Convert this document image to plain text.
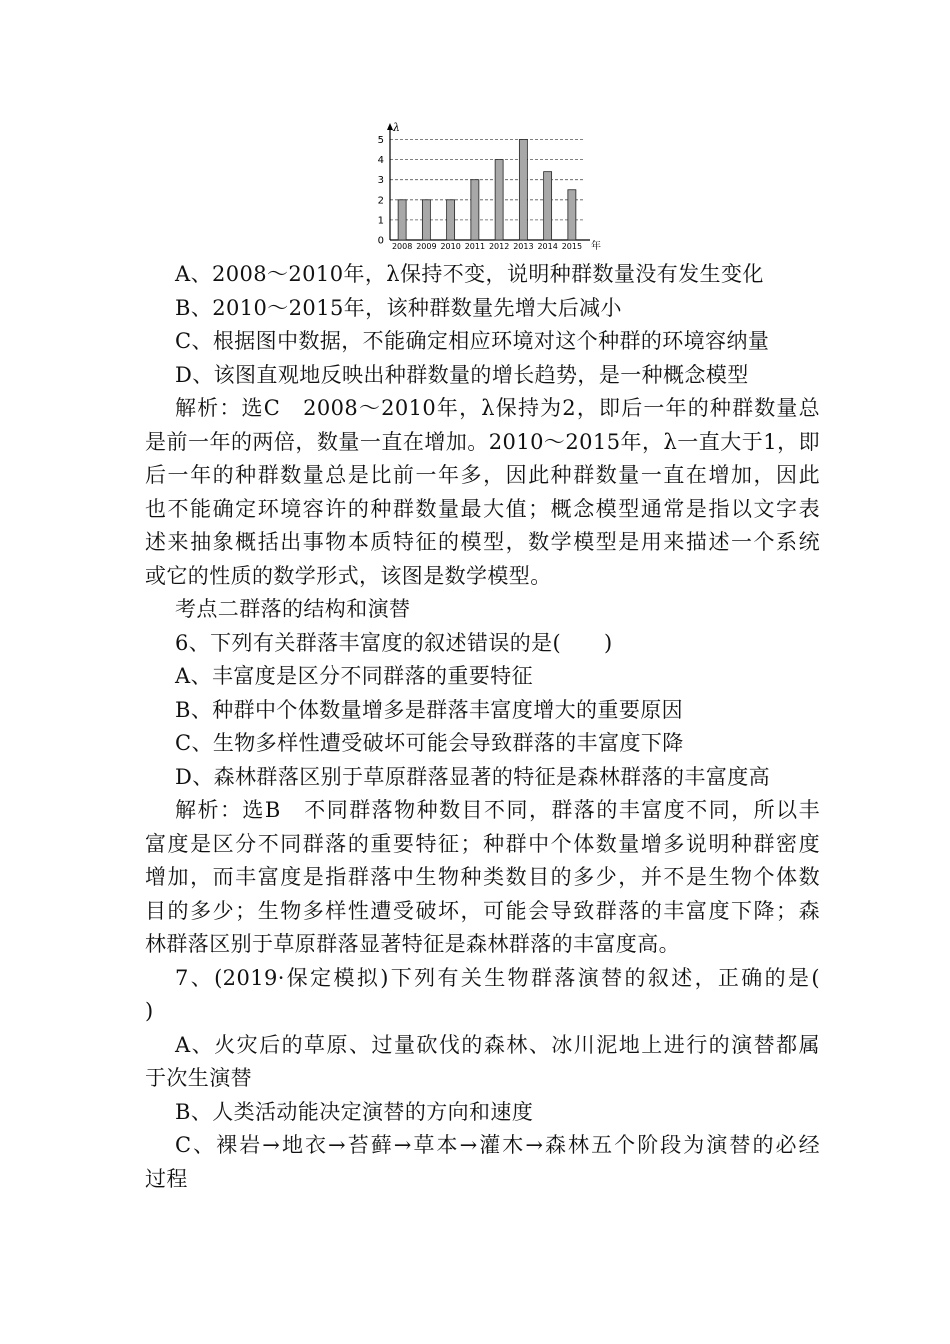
λ
年
0
1
2
3
4
5
2008 2009 2010 2011 2012 2013 2014 2015
A、2008～2010年，λ保持不变，说明种群数量没有发生变化
B、2010～2015年，该种群数量先增大后减小
C、根据图中数据，不能确定相应环境对这个种群的环境容纳量
D、该图直观地反映出种群数量的增长趋势，是一种概念模型
解析：选C　2008～2010年，λ保持为2，即后一年的种群数量总
是前一年的两倍，数量一直在增加。2010～2015年，λ一直大于1，即
后一年的种群数量总是比前一年多，因此种群数量一直在增加，因此
也不能确定环境容许的种群数量最大值；概念模型通常是指以文字表
述来抽象概括出事物本质特征的模型，数学模型是用来描述一个系统
或它的性质的数学形式，该图是数学模型。
考点二群落的结构和演替
6、下列有关群落丰富度的叙述错误的是(　　)
A、丰富度是区分不同群落的重要特征
B、种群中个体数量增多是群落丰富度增大的重要原因
C、生物多样性遭受破坏可能会导致群落的丰富度下降
D、森林群落区别于草原群落显著的特征是森林群落的丰富度高
解析：选B　不同群落物种数目不同，群落的丰富度不同，所以丰
富度是区分不同群落的重要特征；种群中个体数量增多说明种群密度
增加，而丰富度是指群落中生物种类数目的多少，并不是生物个体数
目的多少；生物多样性遭受破坏，可能会导致群落的丰富度下降；森
林群落区别于草原群落显著特征是森林群落的丰富度高。
7、(2019·保定模拟)下列有关生物群落演替的叙述，正确的是(
)
A、火灾后的草原、过量砍伐的森林、冰川泥地上进行的演替都属
于次生演替
B、人类活动能决定演替的方向和速度
C、裸岩→地衣→苔藓→草本→灌木→森林五个阶段为演替的必经
过程
